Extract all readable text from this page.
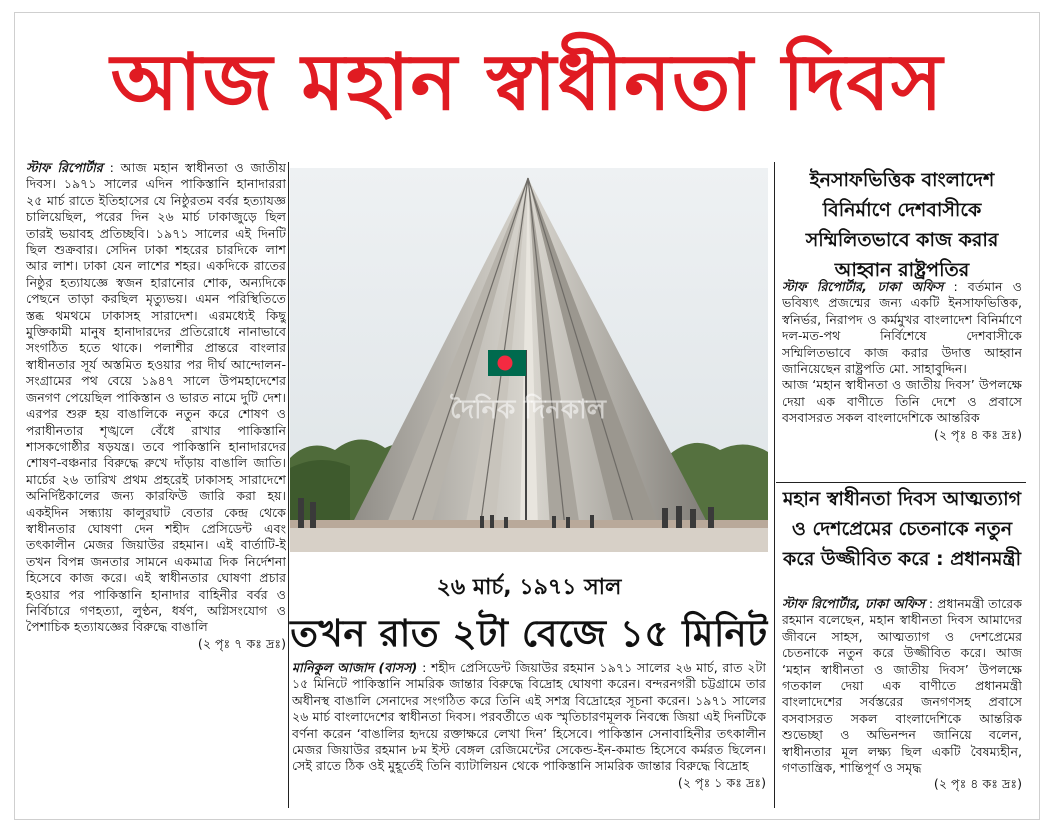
আজ মহান স্বাধীনতা দিবস

স্টাফ রিপোর্টার : আজ মহান স্বাধীনতা ও জাতীয় দিবস। ১৯৭১ সালের এদিন পাকিস্তানি হানাদাররা ২৫ মার্চ রাতে ইতিহাসের যে নিষ্ঠুরতম বর্বর হত্যাযজ্ঞ চালিয়েছিল, পরের দিন ২৬ মার্চ ঢাকাজুড়ে ছিল তারই ভয়াবহ প্রতিচ্ছবি। ১৯৭১ সালের এই দিনটি ছিল শুক্রবার। সেদিন ঢাকা শহরের চারদিকে লাশ আর লাশ। ঢাকা যেন লাশের শহর। একদিকে রাতের নিষ্ঠুর হত্যাযজ্ঞে স্বজন হারানোর শোক, অন্যদিকে পেছনে তাড়া করছিল মৃত্যুভয়। এমন পরিস্থিতিতে স্তব্ধ থমথমে ঢাকাসহ সারাদেশ। এরমধ্যেই কিছু মুক্তিকামী মানুষ হানাদারদের প্রতিরোধে নানাভাবে সংগঠিত হতে থাকে। পলাশীর প্রান্তরে বাংলার স্বাধীনতার সূর্য অস্তমিত হওয়ার পর দীর্ঘ আন্দোলন-সংগ্রামের পথ বেয়ে ১৯৪৭ সালে উপমহাদেশের জনগণ পেয়েছিল পাকিস্তান ও ভারত নামে দুটি দেশ। এরপর শুরু হয় বাঙালিকে নতুন করে শোষণ ও পরাধীনতার শৃঙ্খলে বেঁধে রাখার পাকিস্তানি শাসকগোষ্ঠীর ষড়যন্ত্র। তবে পাকিস্তানি হানাদারদের শোষণ-বঞ্চনার বিরুদ্ধে রুখে দাঁড়ায় বাঙালি জাতি। মার্চের ২৬ তারিখ প্রথম প্রহরেই ঢাকাসহ সারাদেশে অনির্দিষ্টকালের জন্য কারফিউ জারি করা হয়। একইদিন সন্ধ্যায় কালুরঘাট বেতার কেন্দ্র থেকে স্বাধীনতার ঘোষণা দেন শহীদ প্রেসিডেন্ট এবং তৎকালীন মেজর জিয়াউর রহমান। এই বার্তাটি-ই তখন বিপন্ন জনতার সামনে একমাত্র দিক নির্দেশনা হিসেবে কাজ করে। এই স্বাধীনতার ঘোষণা প্রচার হওয়ার পর পাকিস্তানি হানাদার বাহিনীর বর্বর ও নির্বিচারে গণহত্যা, লুণ্ঠন, ধর্ষণ, অগ্নিসংযোগ ও পৈশাচিক হত্যাযজ্ঞের বিরুদ্ধে বাঙালি

(২ পৃঃ ৭ কঃ দ্রঃ)

দৈনিক দিনকাল
২৬ মার্চ, ১৯৭১ সাল
তখন রাত ২টা বেজে ১৫ মিনিট

মানিকুল আজাদ (বাসস) : শহীদ প্রেসিডেন্ট জিয়াউর রহমান ১৯৭১ সালের ২৬ মার্চ, রাত ২টা ১৫ মিনিটে পাকিস্তানি সামরিক জান্তার বিরুদ্ধে বিদ্রোহ ঘোষণা করেন। বন্দরনগরী চট্টগ্রামে তার অধীনস্থ বাঙালি সেনাদের সংগঠিত করে তিনি এই সশস্ত্র বিদ্রোহের সূচনা করেন। ১৯৭১ সালের ২৬ মার্চ বাংলাদেশের স্বাধীনতা দিবস। পরবর্তীতে এক স্মৃতিচারণমূলক নিবন্ধে জিয়া এই দিনটিকে বর্ণনা করেন ‘বাঙালির হৃদয়ে রক্তাক্ষরে লেখা দিন’ হিসেবে। পাকিস্তান সেনাবাহিনীর তৎকালীন মেজর জিয়াউর রহমান ৮ম ইস্ট বেঙ্গল রেজিমেন্টের সেকেন্ড-ইন-কমান্ড হিসেবে কর্মরত ছিলেন। সেই রাতে ঠিক ওই মুহূর্তেই তিনি ব্যাটালিয়ন থেকে পাকিস্তানি সামরিক জান্তার বিরুদ্ধে বিদ্রোহ

(২ পৃঃ ১ কঃ দ্রঃ)

ইনসাফভিত্তিক বাংলাদেশ বিনির্মাণে দেশবাসীকে সম্মিলিতভাবে কাজ করার আহ্বান রাষ্ট্রপতির

স্টাফ রিপোর্টার, ঢাকা অফিস : বর্তমান ও ভবিষ্যৎ প্রজন্মের জন্য একটি ইনসাফভিত্তিক, স্বনির্ভর, নিরাপদ ও কর্মমুখর বাংলাদেশ বিনির্মাণে দল-মত-পথ নির্বিশেষে দেশবাসীকে সম্মিলিতভাবে কাজ করার উদাত্ত আহ্বান জানিয়েছেন রাষ্ট্রপতি মো. সাহাবুদ্দিন।

আজ ‘মহান স্বাধীনতা ও জাতীয় দিবস’ উপলক্ষে দেয়া এক বাণীতে তিনি দেশে ও প্রবাসে বসবাসরত সকল বাংলাদেশিকে আন্তরিক

(২ পৃঃ ৪ কঃ দ্রঃ)

মহান স্বাধীনতা দিবস আত্মত্যাগ ও দেশপ্রেমের চেতনাকে নতুন করে উজ্জীবিত করে : প্রধানমন্ত্রী

স্টাফ রিপোর্টার, ঢাকা অফিস : প্রধানমন্ত্রী তারেক রহমান বলেছেন, মহান স্বাধীনতা দিবস আমাদের জীবনে সাহস, আত্মত্যাগ ও দেশপ্রেমের চেতনাকে নতুন করে উজ্জীবিত করে। আজ ‘মহান স্বাধীনতা ও জাতীয় দিবস’ উপলক্ষে গতকাল দেয়া এক বাণীতে প্রধানমন্ত্রী বাংলাদেশের সর্বস্তরের জনগণসহ প্রবাসে বসবাসরত সকল বাংলাদেশিকে আন্তরিক শুভেচ্ছা ও অভিনন্দন জানিয়ে বলেন, স্বাধীনতার মূল লক্ষ্য ছিল একটি বৈষম্যহীন, গণতান্ত্রিক, শান্তিপূর্ণ ও সমৃদ্ধ

(২ পৃঃ ৪ কঃ দ্রঃ)
